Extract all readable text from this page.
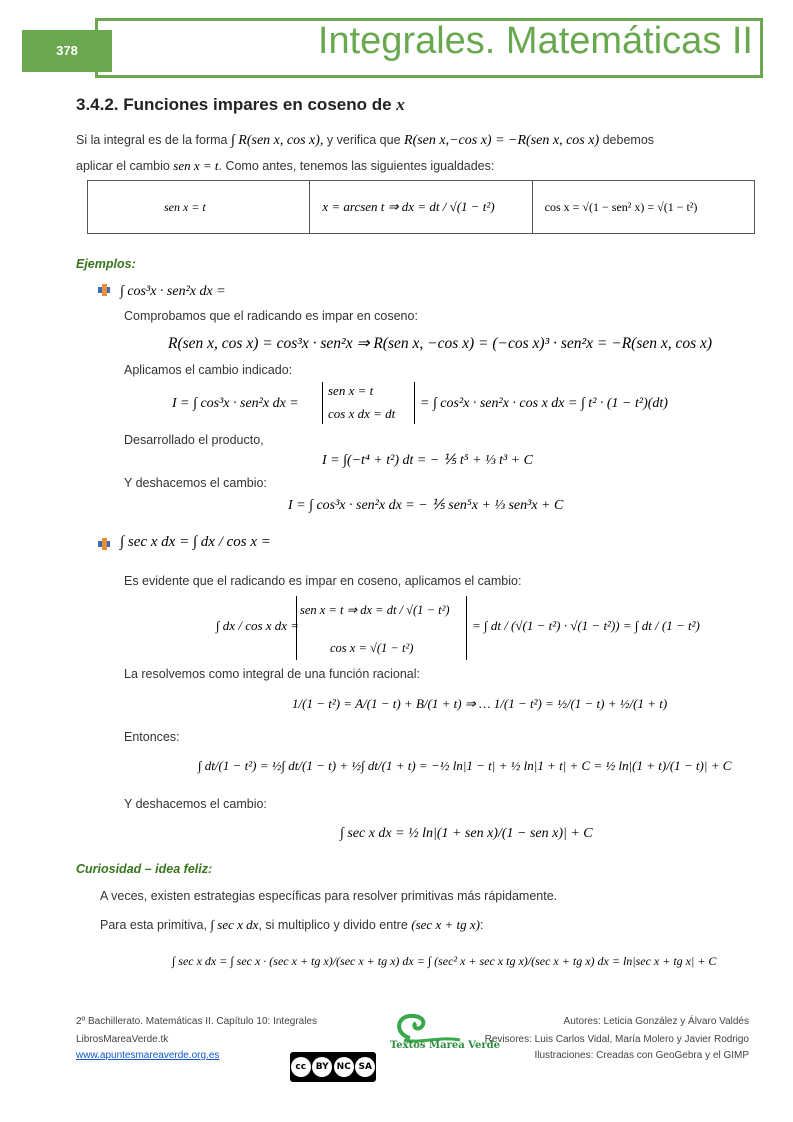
378	Integrales. Matemáticas II
3.4.2. Funciones impares en coseno de x
Si la integral es de la forma ∫ R(sen x, cos x), y verifica que R(sen x,−cos x) = −R(sen x, cos x) debemos
aplicar el cambio sen x = t. Como antes, tenemos las siguientes igualdades:
sen x = t	x = arcsen t ⇒ dx = dt / √(1 − t²)	cos x = √(1 − sen² x) = √(1 − t²)
Ejemplos:
∫ cos³x · sen²x dx =
Comprobamos que el radicando es impar en coseno:
R(sen x, cos x) = cos³x · sen²x ⇒ R(sen x, −cos x) = (−cos x)³ · sen²x = −R(sen x, cos x)
Aplicamos el cambio indicado:
I = ∫ cos³x · sen²x dx =
sen x = t
cos x dx = dt
= ∫ cos²x · sen²x · cos x dx = ∫ t² · (1 − t²)(dt)
Desarrollado el producto,
I = ∫(−t⁴ + t²) dt = − ⅕ t⁵ + ⅓ t³ + C
Y deshacemos el cambio:
I = ∫ cos³x · sen²x dx = − ⅕ sen⁵x + ⅓ sen³x + C
∫ sec x dx = ∫ dx / cos x =
Es evidente que el radicando es impar en coseno, aplicamos el cambio:
∫ dx / cos x dx =
sen x = t ⇒ dx = dt / √(1 − t²)
cos x = √(1 − t²)
= ∫ dt / (√(1 − t²) · √(1 − t²)) = ∫ dt / (1 − t²)
La resolvemos como integral de una función racional:
1/(1 − t²) = A/(1 − t) + B/(1 + t) ⇒ … 1/(1 − t²) = ½/(1 − t) + ½/(1 + t)
Entonces:
∫ dt/(1 − t²) = ½∫ dt/(1 − t) + ½∫ dt/(1 + t) = −½ ln|1 − t| + ½ ln|1 + t| + C = ½ ln|(1 + t)/(1 − t)| + C
Y deshacemos el cambio:
∫ sec x dx = ½ ln|(1 + sen x)/(1 − sen x)| + C
Curiosidad – idea feliz:
A veces, existen estrategias específicas para resolver primitivas más rápidamente.
Para esta primitiva, ∫ sec x dx, si multiplico y divido entre (sec x + tg x):
∫ sec x dx = ∫ sec x · (sec x + tg x)/(sec x + tg x) dx = ∫ (sec² x + sec x tg x)/(sec x + tg x) dx = ln|sec x + tg x| + C
2º Bachillerato. Matemáticas II. Capítulo 10: Integrales
LibrosMareaVerde.tk
www.apuntesmareaverde.org.es
Textos Marea Verde
cc	BY NC SA
Autores: Leticia González y Álvaro Valdés
Revisores: Luis Carlos Vidal, María Molero y Javier Rodrigo
Ilustraciones: Creadas con GeoGebra y el GIMP
